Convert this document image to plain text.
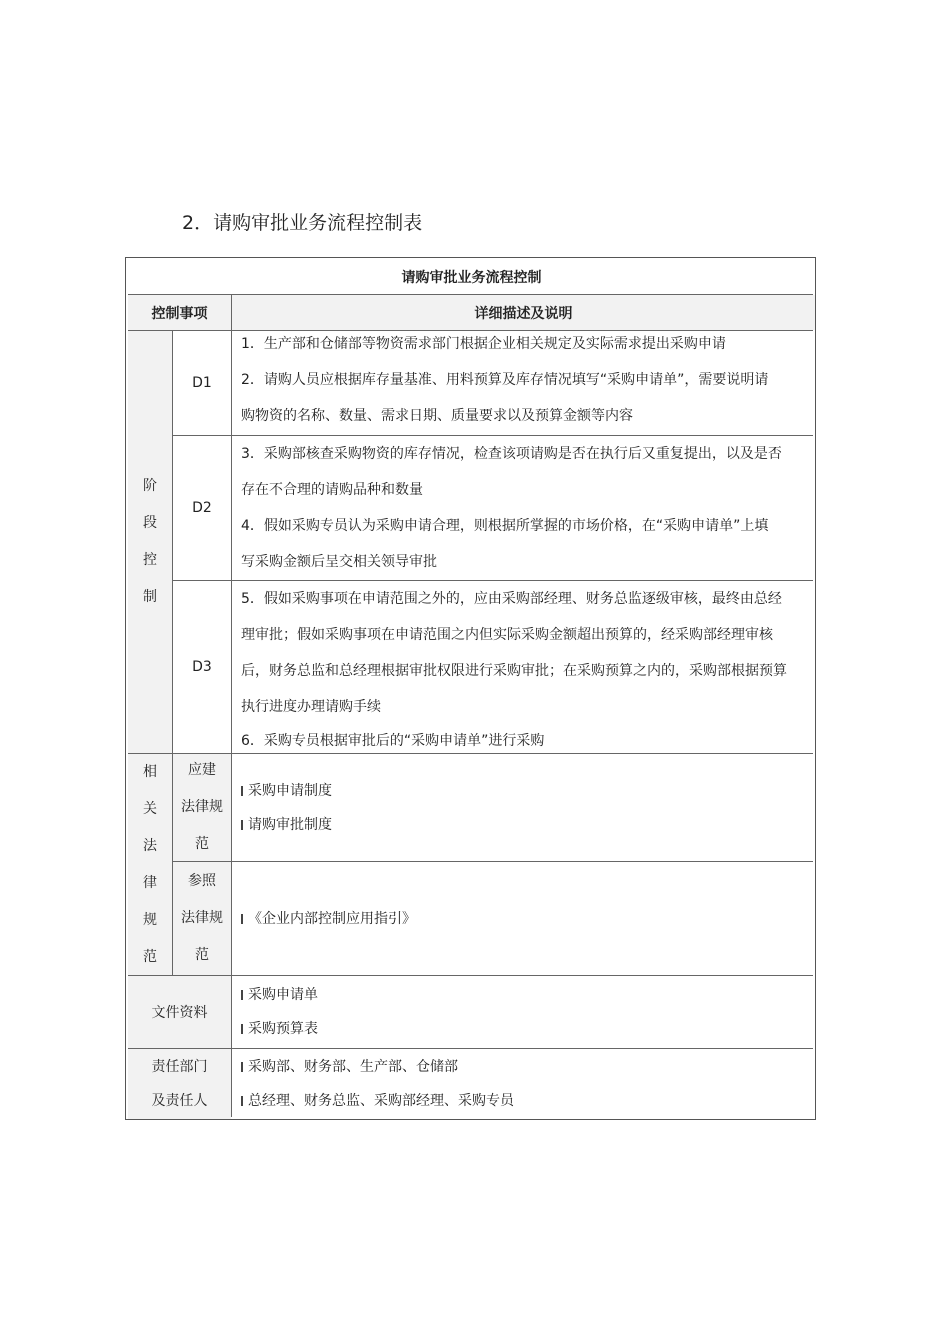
2．请购审批业务流程控制表
请购审批业务流程控制
控制事项	详细描述及说明
阶
段
控
制
D1

1．生产部和仓储部等物资需求部门根据企业相关规定及实际需求提出采购申请

2．请购人员应根据库存量基准、用料预算及库存情况填写“采购申请单”，需要说明请

购物资的名称、数量、需求日期、质量要求以及预算金额等内容

D2

3．采购部核查采购物资的库存情况，检查该项请购是否在执行后又重复提出，以及是否

存在不合理的请购品种和数量

4．假如采购专员认为采购申请合理，则根据所掌握的市场价格，在“采购申请单”上填

写采购金额后呈交相关领导审批

D3

5．假如采购事项在申请范围之外的，应由采购部经理、财务总监逐级审核，最终由总经

理审批；假如采购事项在申请范围之内但实际采购金额超出预算的，经采购部经理审核

后，财务总监和总经理根据审批权限进行采购审批；在采购预算之内的，采购部根据预算

执行进度办理请购手续

6．采购专员根据审批后的“采购申请单”进行采购

相
关
法
律
规
范
应建
法律规
范

采购申请制度

请购审批制度

参照
法律规
范

《企业内部控制应用指引》

文件资料

采购申请单

采购预算表

责任部门
及责任人

采购部、财务部、生产部、仓储部

总经理、财务总监、采购部经理、采购专员
